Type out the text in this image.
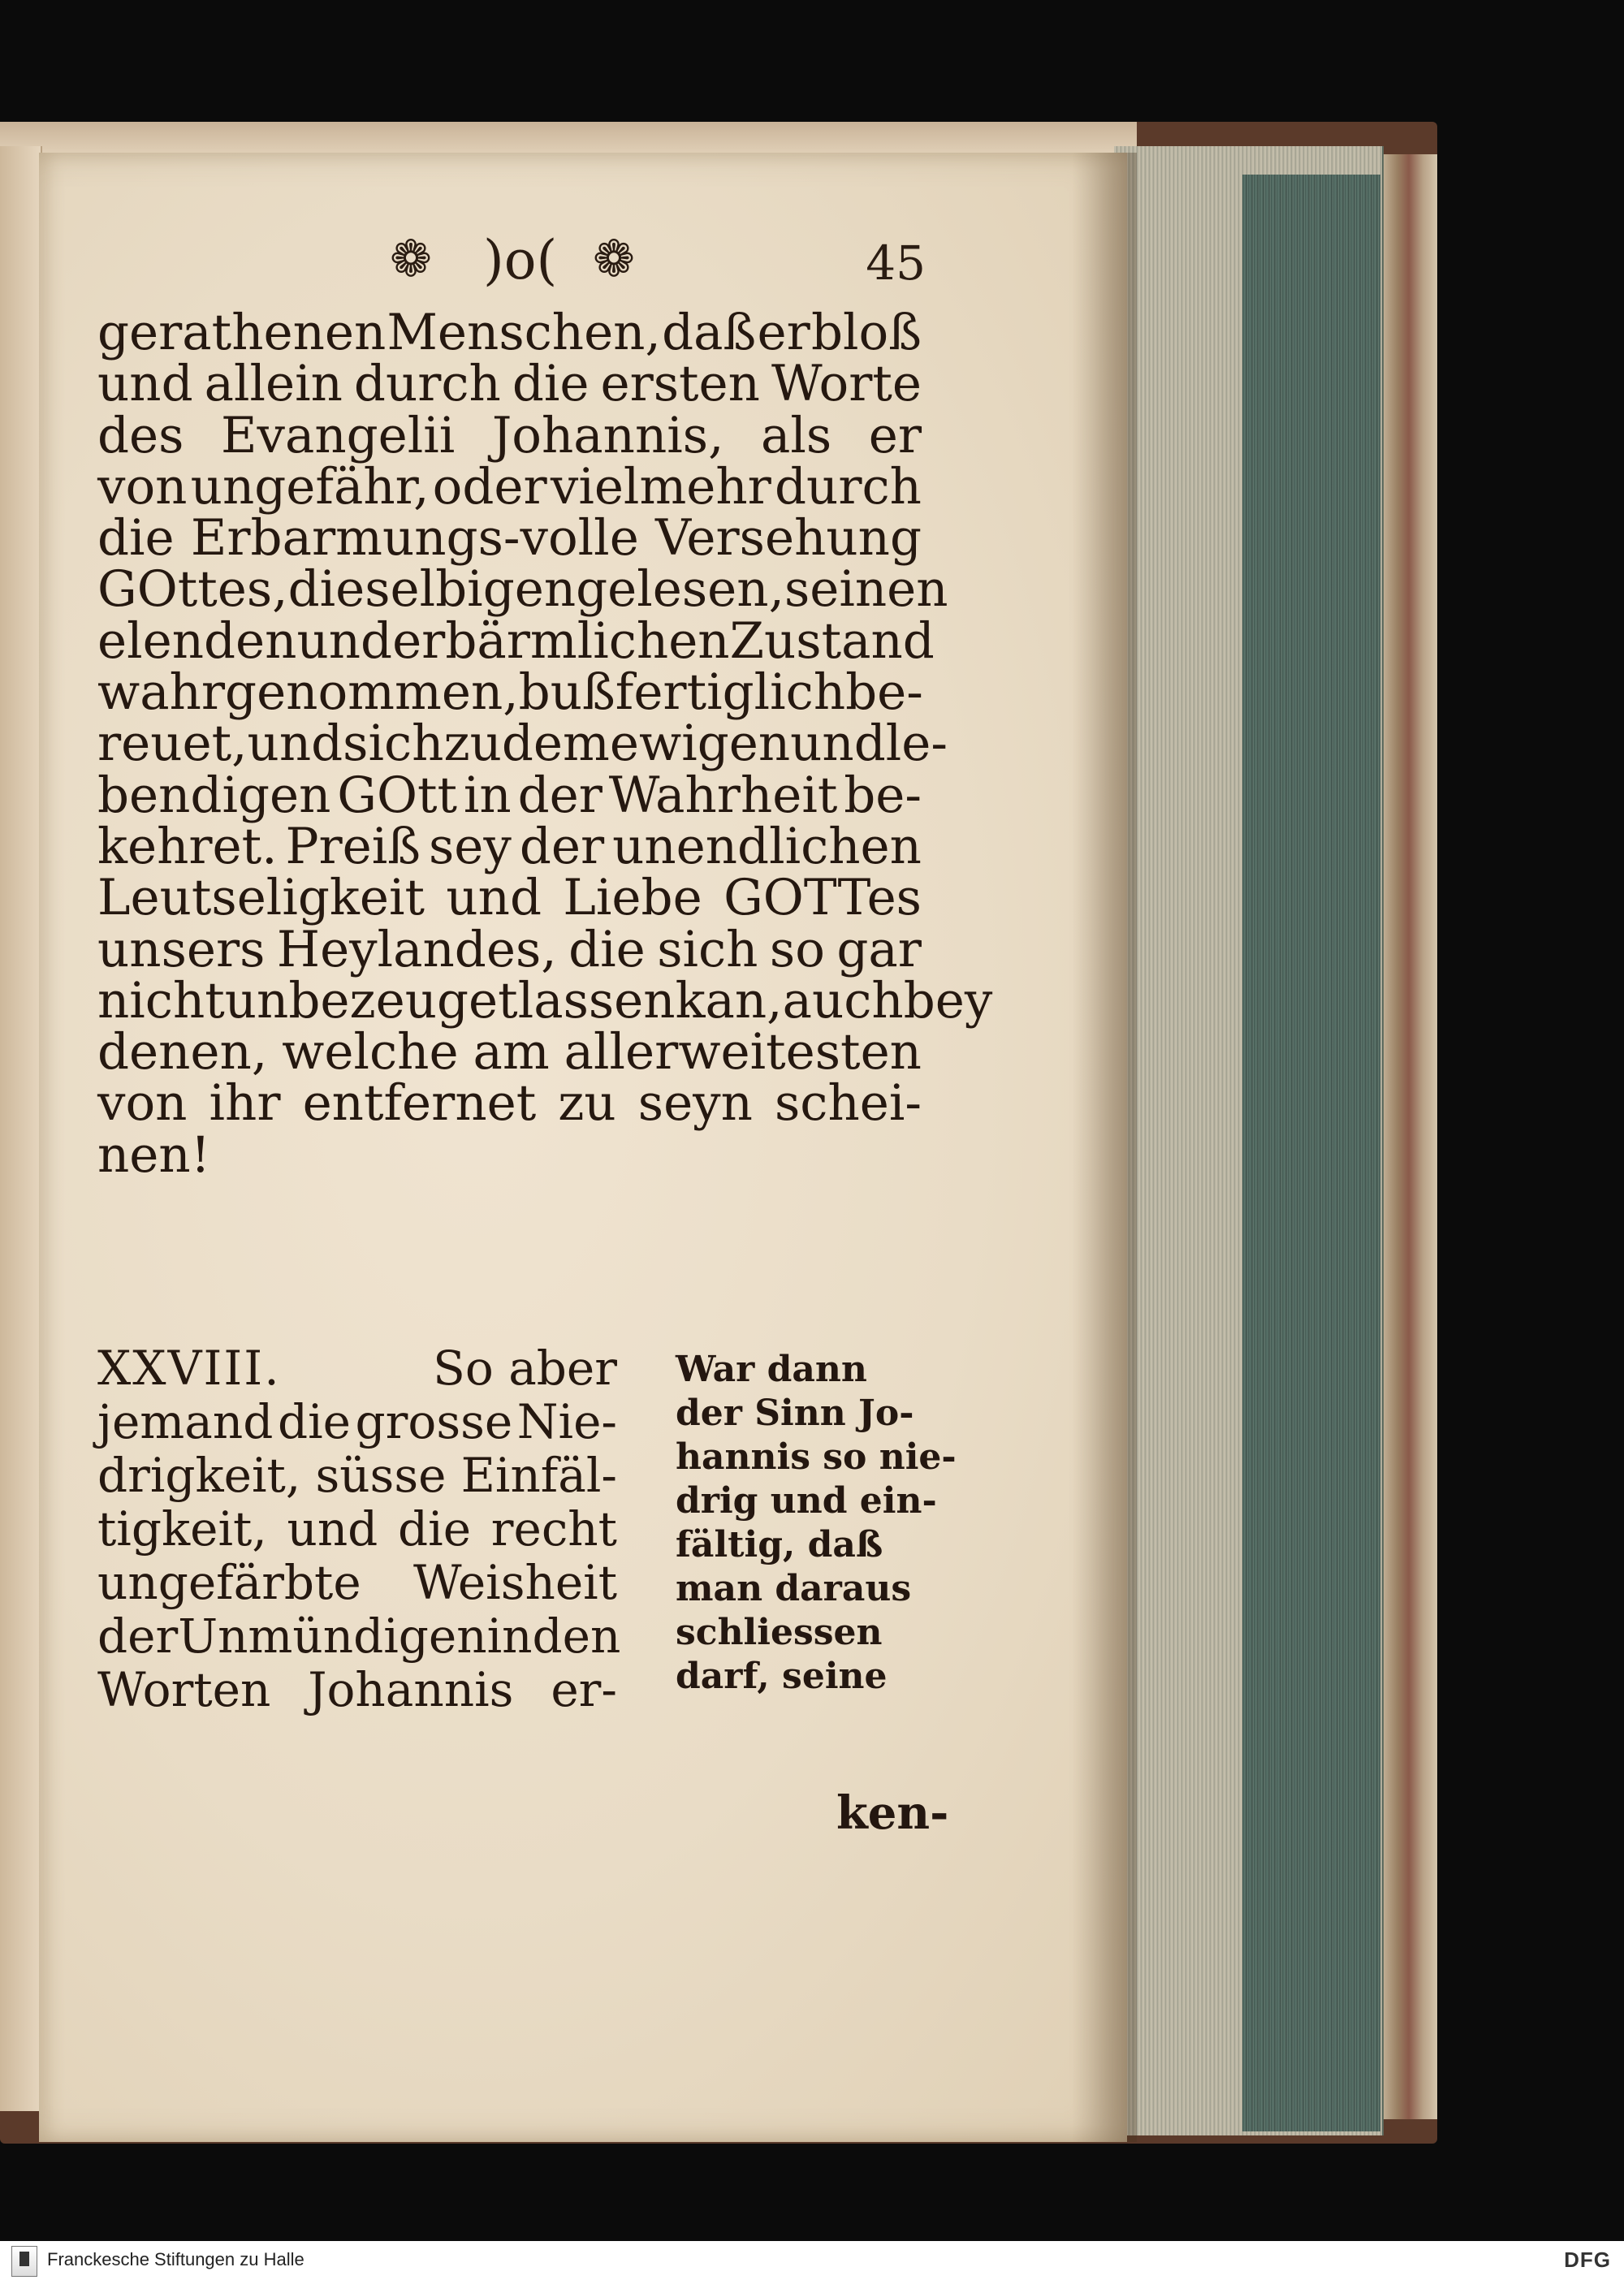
❁ )o( ❁	45
gerathenen Menschen, daß er bloß
und allein durch die ersten Worte
des Evangelii Johannis, als er
von ungefähr, oder vielmehr durch
die Erbarmungs-volle Versehung
GOttes, dieselbigen gelesen, seinen
elenden und erbärmlichen Zustand
wahrgenommen, bußfertiglich be-
reuet,und sich zu dem ewigen und le-
bendigen GOtt in der Wahrheit be-
kehret. Preiß sey der unendlichen
Leutseligkeit und Liebe GOTTes
unsers Heylandes, die sich so gar
nicht unbezeuget lassen kan, auch bey
denen, welche am allerweitesten
von ihr entfernet zu seyn schei-
nen!
XXVIII.	So aber
jemand die grosse Nie-
drigkeit, süsse Einfäl-
tigkeit, und die recht
ungefärbte Weisheit
der Unmündigen in den
Worten Johannis er-
War dann
der Sinn Jo-
hannis so nie-
drig und ein-
fältig, daß
man daraus
schliessen
darf, seine
ken-
Franckesche Stiftungen zu Halle	DFG
